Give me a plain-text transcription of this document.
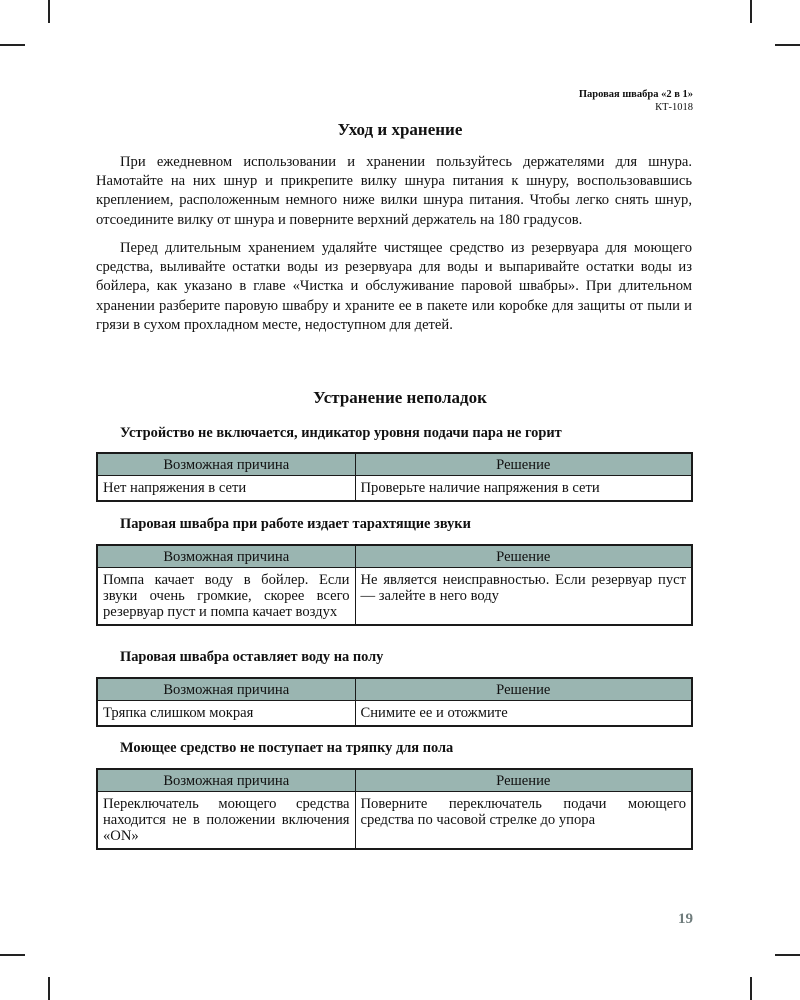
Паровая швабра «2 в 1»
КТ-1018
Уход и хранение

При ежедневном использовании и хранении пользуйтесь держателями для шнура. Намотайте на них шнур и прикрепите вилку шнура питания к шнуру, воспользовавшись креплением, расположенным немного ниже вилки шнура питания. Чтобы легко снять шнур, отсоедините вилку от шнура и поверните верхний держатель на 180 градусов.

Перед длительным хранением удаляйте чистящее средство из резервуара для моющего средства, выливайте остатки воды из резервуара для воды и выпаривайте остатки воды из бойлера, как указано в главе «Чистка и обслуживание паровой швабры». При длительном хранении разберите паровую швабру и храните ее в пакете или коробке для защиты от пыли и грязи в сухом прохладном месте, недоступном для детей.

Устранение неполадок
Устройство не включается, индикатор уровня подачи пара не горит
Возможная причина	Решение
Нет напряжения в сети	Проверьте наличие напряжения в сети
Паровая швабра при работе издает тарахтящие звуки
Возможная причина	Решение
Помпа качает воду в бойлер. Если звуки очень громкие, скорее всего резервуар пуст и помпа качает воздух	Не является неисправностью. Если резервуар пуст — залейте в него воду
Паровая швабра оставляет воду на полу
Возможная причина	Решение
Тряпка слишком мокрая	Снимите ее и отожмите
Моющее средство не поступает на тряпку для пола
Возможная причина	Решение
Переключатель моющего средства находится не в положении включения «ON»	Поверните переключатель подачи моющего средства по часовой стрелке до упора
19
